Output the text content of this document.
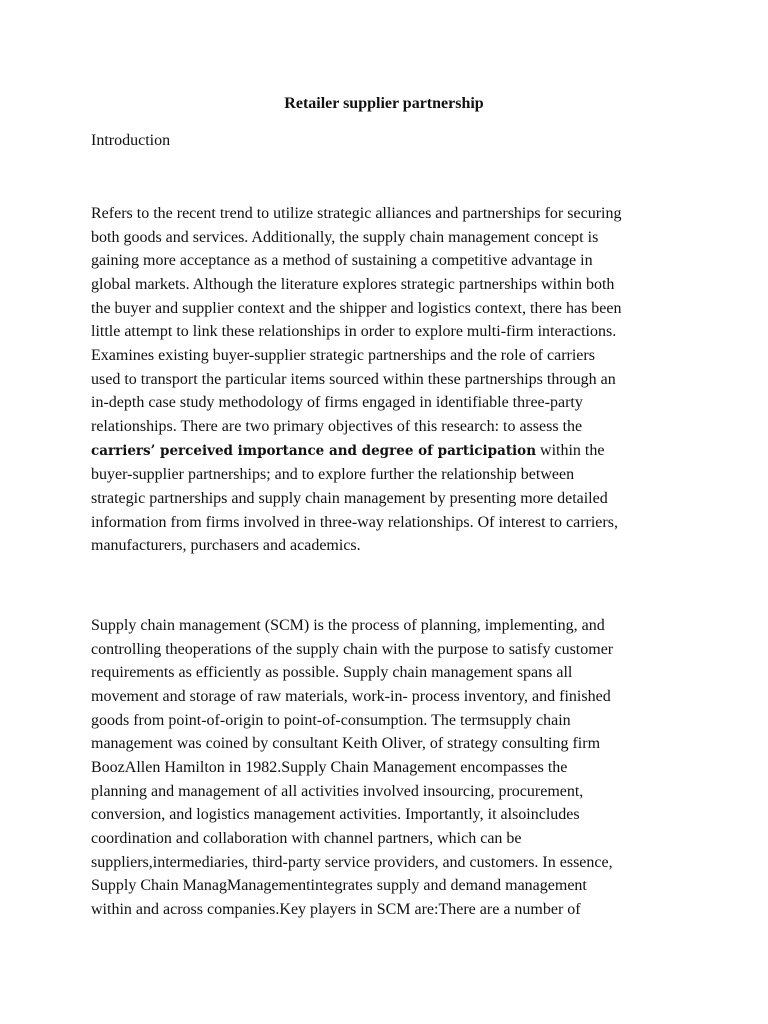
Retailer supplier partnership
Introduction
Refers to the recent trend to utilize strategic alliances and partnerships for securing
both goods and services. Additionally, the supply chain management concept is
gaining more acceptance as a method of sustaining a competitive advantage in
global markets. Although the literature explores strategic partnerships within both
the buyer and supplier context and the shipper and logistics context, there has been
little attempt to link these relationships in order to explore multi-firm interactions.
Examines existing buyer-supplier strategic partnerships and the role of carriers
used to transport the particular items sourced within these partnerships through an
in-depth case study methodology of firms engaged in identifiable three-party
relationships. There are two primary objectives of this research: to assess the
carriers’ perceived importance and degree of participation within the
buyer-supplier partnerships; and to explore further the relationship between
strategic partnerships and supply chain management by presenting more detailed
information from firms involved in three-way relationships. Of interest to carriers,
manufacturers, purchasers and academics.
Supply chain management (SCM) is the process of planning, implementing, and
controlling theoperations of the supply chain with the purpose to satisfy customer
requirements as efficiently as possible. Supply chain management spans all
movement and storage of raw materials, work-in- process inventory, and finished
goods from point-of-origin to point-of-consumption. The termsupply chain
management was coined by consultant Keith Oliver, of strategy consulting firm
BoozAllen Hamilton in 1982.Supply Chain Management encompasses the
planning and management of all activities involved insourcing, procurement,
conversion, and logistics management activities. Importantly, it alsoincludes
coordination and collaboration with channel partners, which can be
suppliers,intermediaries, third-party service providers, and customers. In essence,
Supply Chain ManagManagementintegrates supply and demand management
within and across companies.Key players in SCM are:There are a number of
